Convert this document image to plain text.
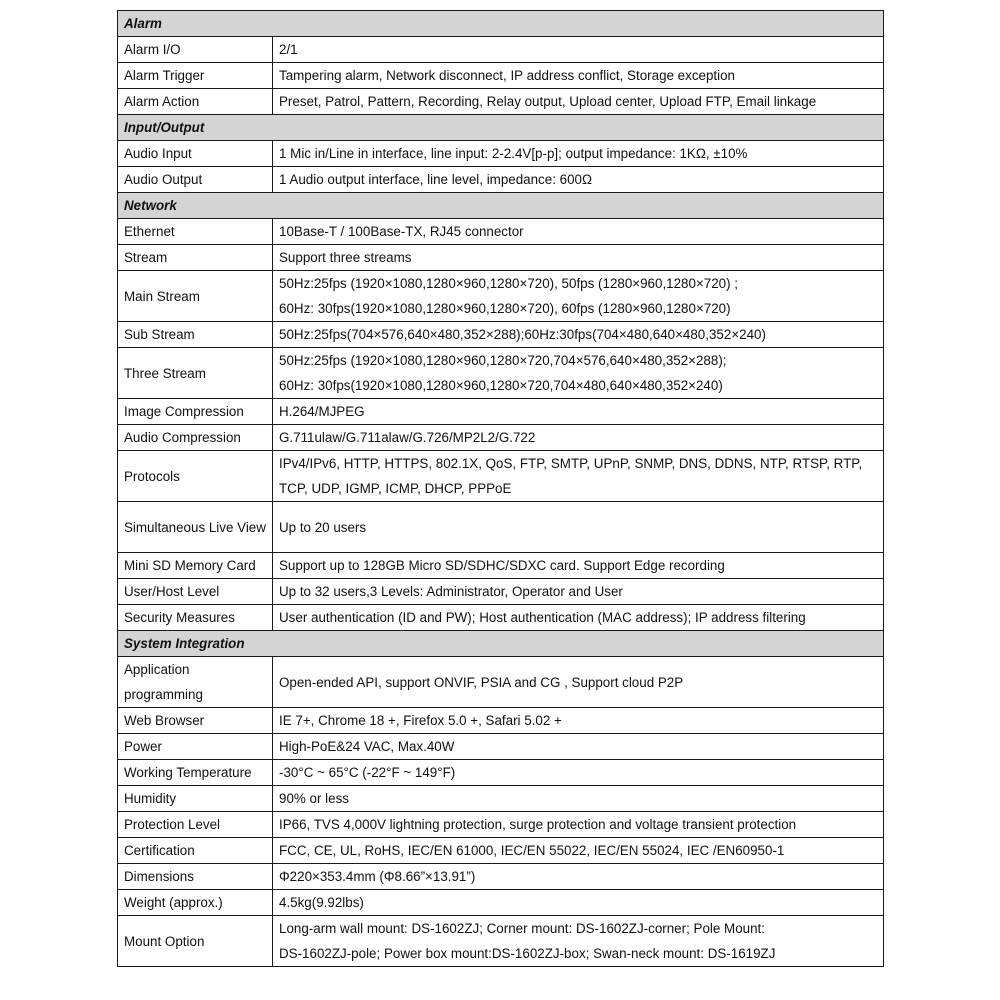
Alarm	
Alarm I/O	2/1

Alarm Trigger	Tampering alarm, Network disconnect, IP address conflict, Storage exception

Alarm Action	Preset, Patrol, Pattern, Recording, Relay output, Upload center, Upload FTP, Email linkage

Input/Output	
Audio Input	1 Mic in/Line in interface, line input: 2-2.4V[p-p]; output impedance: 1KΩ, ±10%

Audio Output	1 Audio output interface, line level, impedance: 600Ω

Network	
Ethernet	10Base-T / 100Base-TX, RJ45 connector

Stream	Support three streams

Main Stream	50Hz:25fps (1920×1080,1280×960,1280×720), 50fps (1280×960,1280×720) ;
60Hz: 30fps(1920×1080,1280×960,1280×720), 60fps (1280×960,1280×720)

Sub Stream	50Hz:25fps(704×576,640×480,352×288);60Hz:30fps(704×480,640×480,352×240)

Three Stream	50Hz:25fps (1920×1080,1280×960,1280×720,704×576,640×480,352×288);
60Hz: 30fps(1920×1080,1280×960,1280×720,704×480,640×480,352×240)

Image Compression	H.264/MJPEG

Audio Compression	G.711ulaw/G.711alaw/G.726/MP2L2/G.722

Protocols	IPv4/IPv6, HTTP, HTTPS, 802.1X, QoS, FTP, SMTP, UPnP, SNMP, DNS, DDNS, NTP, RTSP, RTP,
TCP, UDP, IGMP, ICMP, DHCP, PPPoE

Simultaneous Live View	Up to 20 users

Mini SD Memory Card	Support up to 128GB Micro SD/SDHC/SDXC card. Support Edge recording

User/Host Level	Up to 32 users,3 Levels: Administrator, Operator and User

Security Measures	User authentication (ID and PW); Host authentication (MAC address); IP address filtering

System Integration	
Application programming	Open-ended API, support ONVIF, PSIA and CG , Support cloud P2P

Web Browser	IE 7+, Chrome 18 +, Firefox 5.0 +, Safari 5.02 +

Power	High-PoE&24 VAC, Max.40W

Working Temperature	-30°C ~ 65°C (-22°F ~ 149°F)

Humidity	90% or less

Protection Level	IP66, TVS 4,000V lightning protection, surge protection and voltage transient protection

Certification	FCC, CE, UL, RoHS, IEC/EN 61000, IEC/EN 55022, IEC/EN 55024, IEC /EN60950-1

Dimensions	Φ220×353.4mm (Φ8.66”×13.91”)

Weight (approx.)	4.5kg(9.92lbs)

Mount Option	Long-arm wall mount: DS-1602ZJ; Corner mount: DS-1602ZJ-corner; Pole Mount:
DS-1602ZJ-pole; Power box mount:DS-1602ZJ-box; Swan-neck mount: DS-1619ZJ
